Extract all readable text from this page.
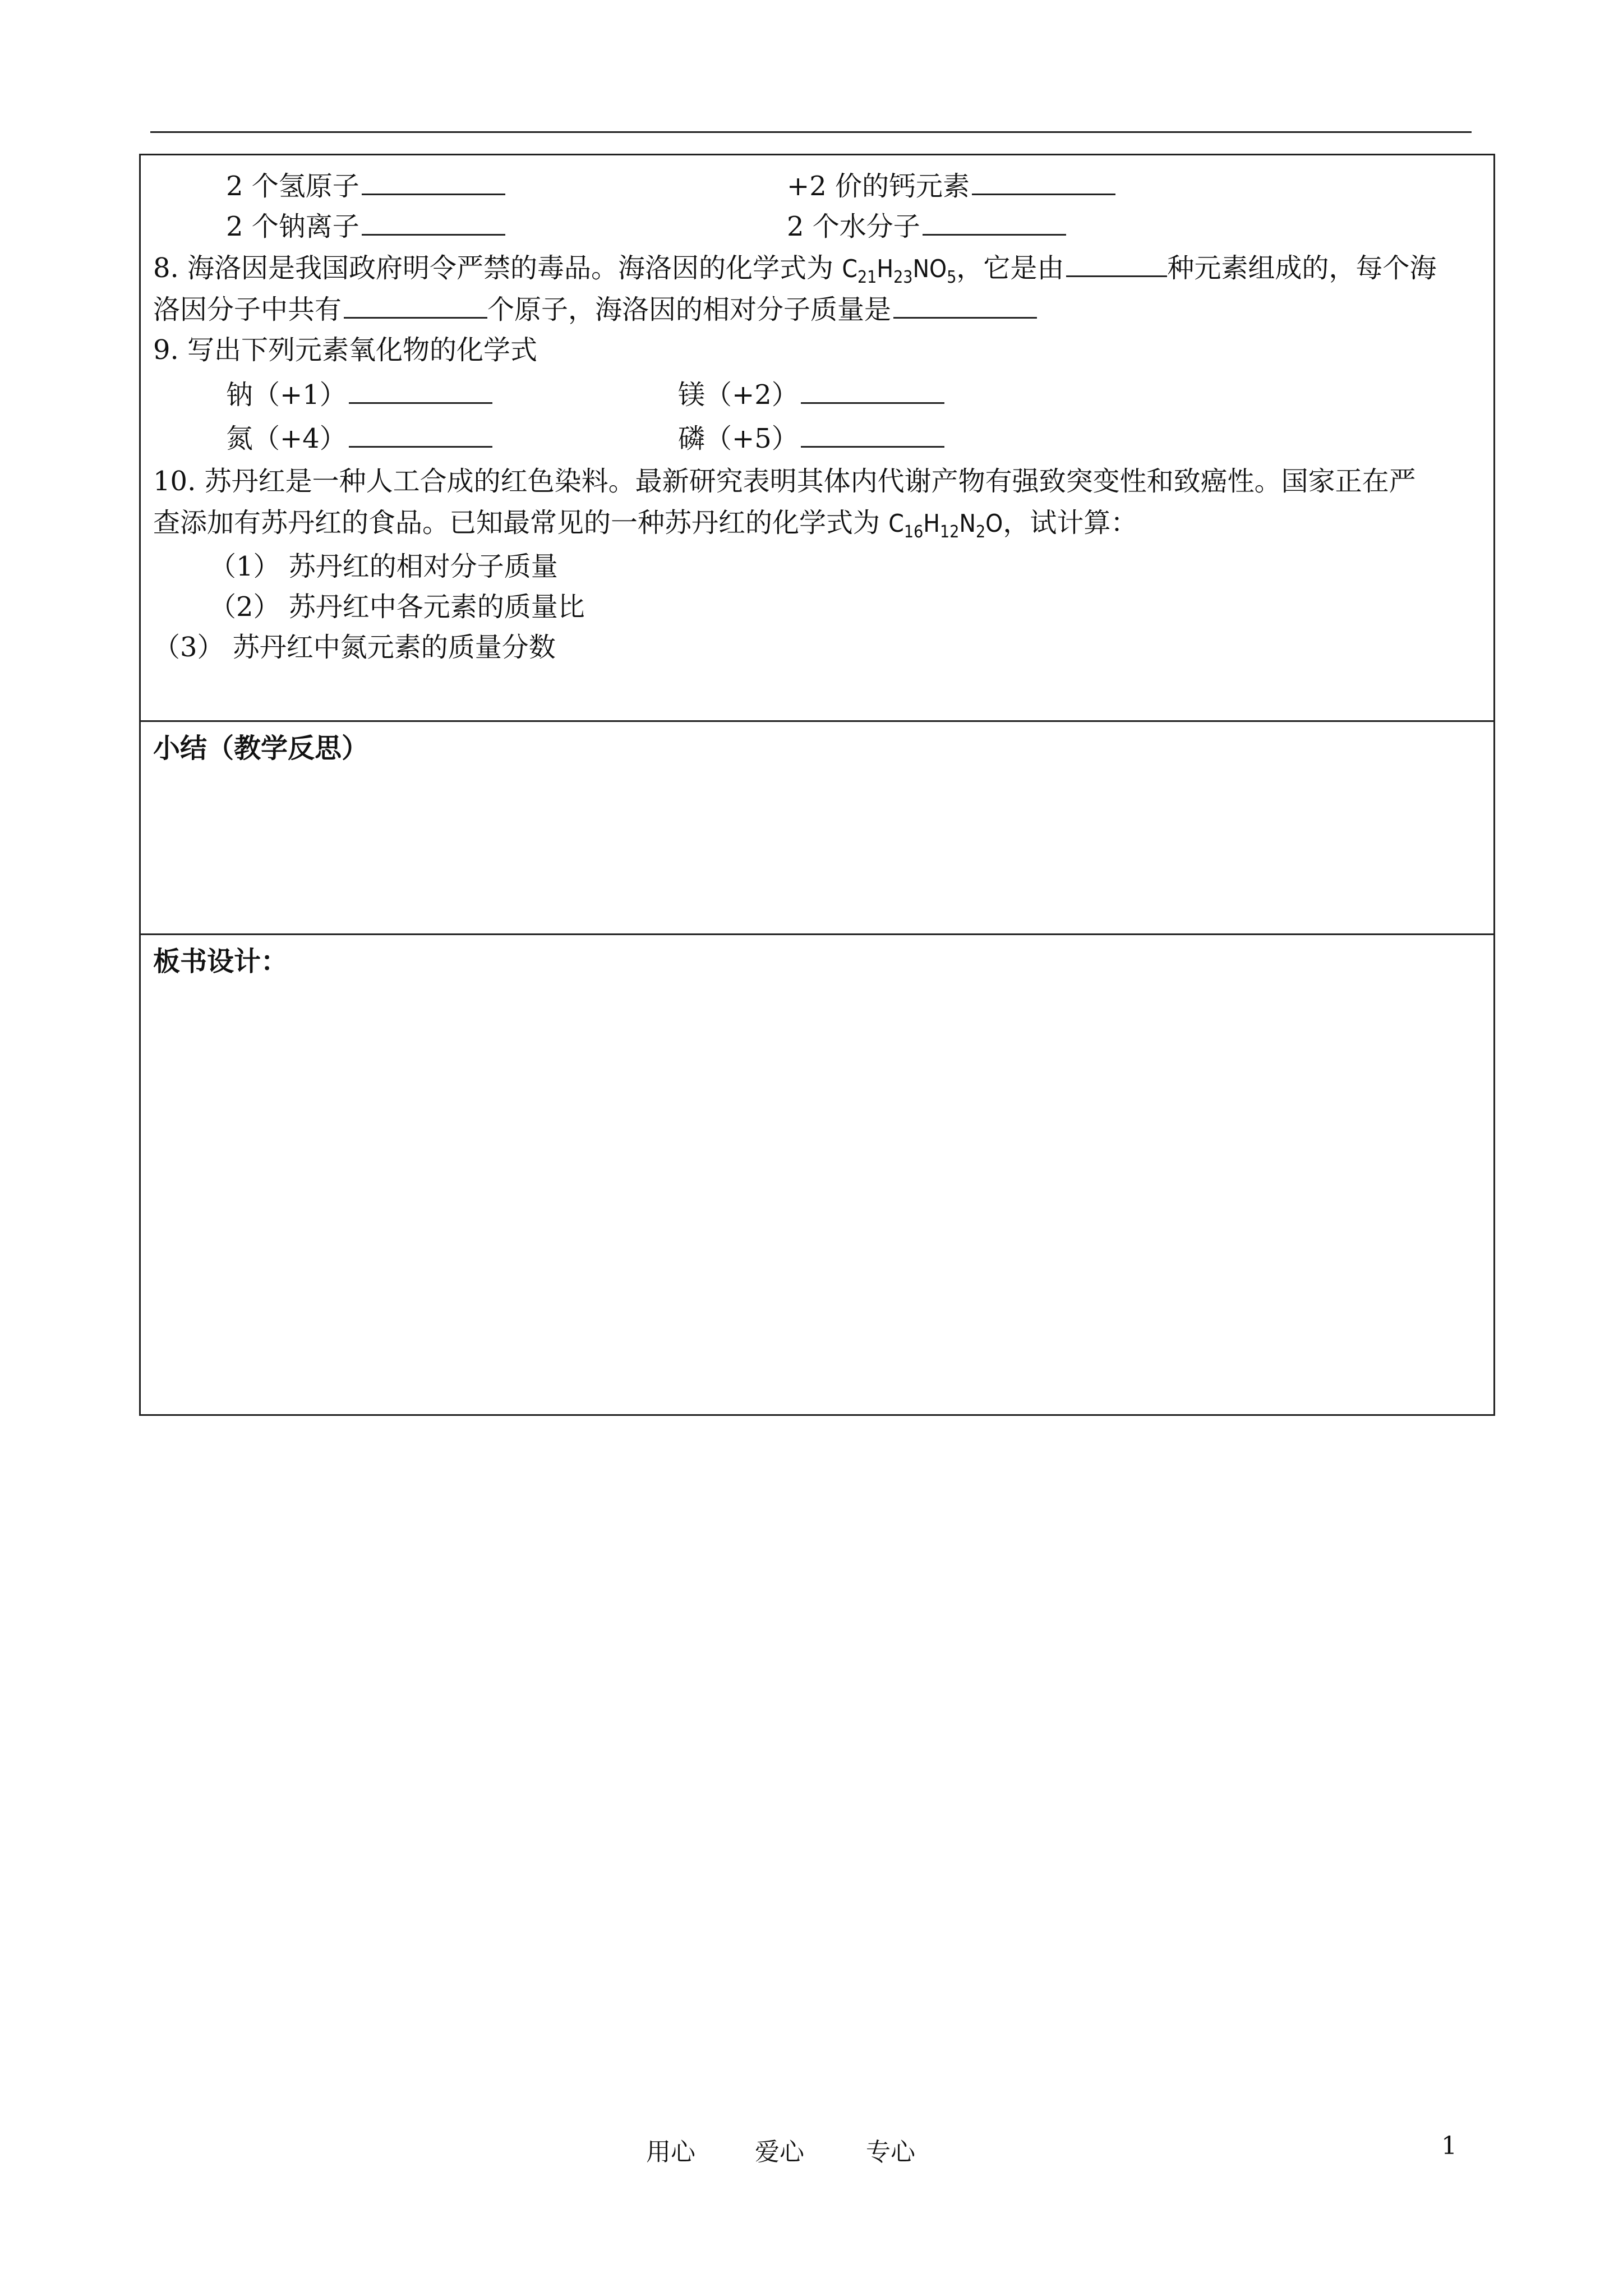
2 个氢原子	+2 价的钙元素
2 个钠离子	2 个水分子
8. 海洛因是我国政府明令严禁的毒品。海洛因的化学式为 $C_{21}H_{23}NO_5$，它是由	种元素组成的，每个海
洛因分子中共有	个原子，海洛因的相对分子质量是
9. 写出下列元素氧化物的化学式
钠（+1）	镁（+2）
氮（+4）	磷（+5）
10. 苏丹红是一种人工合成的红色染料。最新研究表明其体内代谢产物有强致突变性和致癌性。国家正在严
查添加有苏丹红的食品。已知最常见的一种苏丹红的化学式为 $C_{16}H_{12}N_2O$，试计算：
（1） 苏丹红的相对分子质量
（2） 苏丹红中各元素的质量比
（3） 苏丹红中氮元素的质量分数
小结（教学反思）
板书设计：
用心 爱心	专心	1
